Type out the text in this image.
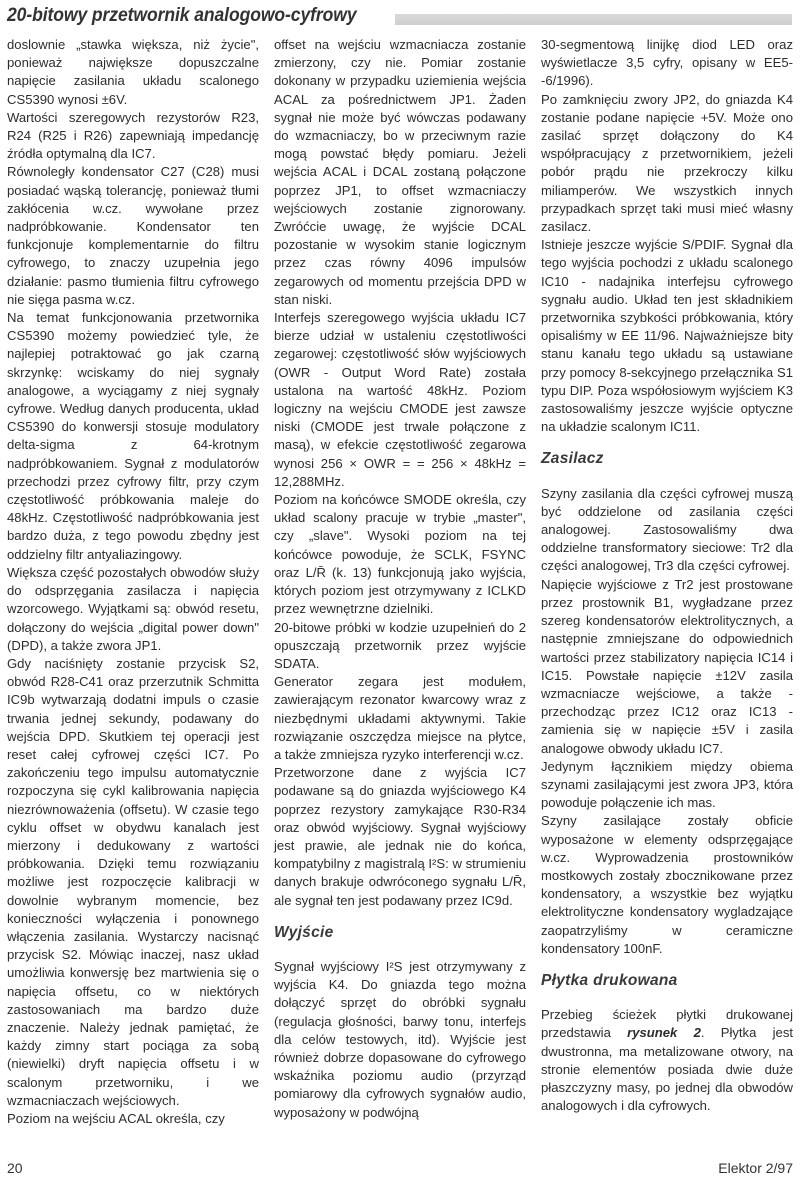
20-bitowy przetwornik analogowo-cyfrowy

doslownie „stawka większa, niż życie", ponieważ największe dopuszczalne napięcie zasilania układu scalonego CS5390 wynosi ±6V.

Wartości szeregowych rezystorów R23, R24 (R25 i R26) zapewniają impedancję źródła optymalną dla IC7.

Równoległy kondensator C27 (C28) musi posiadać wąską tolerancję, ponieważ tłumi zakłócenia w.cz. wywołane przez nadpróbkowanie. Kondensator ten funkcjonuje komplementarnie do filtru cyfrowego, to znaczy uzupełnia jego działanie: pasmo tłumienia filtru cyfrowego nie sięga pasma w.cz.

Na temat funkcjonowania przetwornika CS5390 możemy powiedzieć tyle, że najlepiej potraktować go jak czarną skrzynkę: wciskamy do niej sygnały analogowe, a wyciągamy z niej sygnały cyfrowe. Według danych producenta, układ CS5390 do konwersji stosuje modulatory delta-sigma z 64-krotnym nadpróbkowaniem. Sygnał z modulatorów przechodzi przez cyfrowy filtr, przy czym częstotliwość próbkowania maleje do 48kHz. Częstotliwość nadpróbkowania jest bardzo duża, z tego powodu zbędny jest oddzielny filtr antyaliazingowy.

Większa część pozostałych obwodów służy do odsprzęgania zasilacza i napięcia wzorcowego. Wyjątkami są: obwód resetu, dołączony do wejścia „digital power down" (DPD), a także zwora JP1.

Gdy naciśnięty zostanie przycisk S2, obwód R28-C41 oraz przerzutnik Schmitta IC9b wytwarzają dodatni impuls o czasie trwania jednej sekundy, podawany do wejścia DPD. Skutkiem tej operacji jest reset całej cyfrowej części IC7. Po zakończeniu tego impulsu automatycznie rozpoczyna się cykl kalibrowania napięcia niezrównoważenia (offsetu). W czasie tego cyklu offset w obydwu kanalach jest mierzony i dedukowany z wartości próbkowania. Dzięki temu rozwiązaniu możliwe jest rozpoczęcie kalibracji w dowolnie wybranym momencie, bez konieczności wyłączenia i ponownego włączenia zasilania. Wystarczy nacisnąć przycisk S2. Mówiąc inaczej, nasz układ umożliwia konwersję bez martwienia się o napięcia offsetu, co w niektórych zastosowaniach ma bardzo duże znaczenie. Należy jednak pamiętać, że każdy zimny start pociąga za sobą (niewielki) dryft napięcia offsetu i w scalonym przetworniku, i we wzmacniaczach wejściowych.

Poziom na wejściu ACAL określa, czy

offset na wejściu wzmacniacza zostanie zmierzony, czy nie. Pomiar zostanie dokonany w przypadku uziemienia wejścia ACAL za pośrednictwem JP1. Żaden sygnał nie może być wówczas podawany do wzmacniaczy, bo w przeciwnym razie mogą powstać błędy pomiaru. Jeżeli wejścia ACAL i DCAL zostaną połączone poprzez JP1, to offset wzmacniaczy wejściowych zostanie zignorowany. Zwróćcie uwagę, że wyjście DCAL pozostanie w wysokim stanie logicznym przez czas równy 4096 impulsów zegarowych od momentu przejścia DPD w stan niski.

Interfejs szeregowego wyjścia układu IC7 bierze udział w ustaleniu częstotliwości zegarowej: częstotliwość słów wyjściowych (OWR - Output Word Rate) została ustalona na wartość 48kHz. Poziom logiczny na wejściu CMODE jest zawsze niski (CMODE jest trwale połączone z masą), w efekcie częstotliwość zegarowa wynosi 256 × OWR = = 256 × 48kHz = 12,288MHz.

Poziom na końcówce SMODE określa, czy układ scalony pracuje w trybie „master", czy „slave". Wysoki poziom na tej końcówce powoduje, że SCLK, FSYNC oraz L/R̄ (k. 13) funkcjonują jako wyjścia, których poziom jest otrzymywany z ICLKD przez wewnętrzne dzielniki.

20-bitowe próbki w kodzie uzupełnień do 2 opuszczają przetwornik przez wyjście SDATA.

Generator zegara jest modułem, zawierającym rezonator kwarcowy wraz z niezbędnymi układami aktywnymi. Takie rozwiązanie oszczędza miejsce na płytce, a także zmniejsza ryzyko interferencji w.cz.

Przetworzone dane z wyjścia IC7 podawane są do gniazda wyjściowego K4 poprzez rezystory zamykające R30-R34 oraz obwód wyjściowy. Sygnał wyjściowy jest prawie, ale jednak nie do końca, kompatybilny z magistralą I²S: w strumieniu danych brakuje odwróconego sygnału L/R̄, ale sygnał ten jest podawany przez IC9d.

Wyjście

Sygnał wyjściowy I²S jest otrzymywany z wyjścia K4. Do gniazda tego można dołączyć sprzęt do obróbki sygnału (regulacja głośności, barwy tonu, interfejs dla celów testowych, itd). Wyjście jest również dobrze dopasowane do cyfrowego wskaźnika poziomu audio (przyrząd pomiarowy dla cyfrowych sygnałów audio, wyposażony w podwójną

30-segmentową linijkę diod LED oraz wyświetlacze 3,5 cyfry, opisany w EE5--6/1996).

Po zamknięciu zwory JP2, do gniazda K4 zostanie podane napięcie +5V. Może ono zasilać sprzęt dołączony do K4 współpracujący z przetwornikiem, jeżeli pobór prądu nie przekroczy kilku miliamperów. We wszystkich innych przypadkach sprzęt taki musi mieć własny zasilacz.

Istnieje jeszcze wyjście S/PDIF. Sygnał dla tego wyjścia pochodzi z układu scalonego IC10 - nadajnika interfejsu cyfrowego sygnału audio. Układ ten jest składnikiem przetwornika szybkości próbkowania, który opisaliśmy w EE 11/96. Najważniejsze bity stanu kanału tego układu są ustawiane przy pomocy 8-sekcyjnego przełącznika S1 typu DIP. Poza współosiowym wyjściem K3 zastosowaliśmy jeszcze wyjście optyczne na układzie scalonym IC11.

Zasilacz

Szyny zasilania dla części cyfrowej muszą być oddzielone od zasilania części analogowej. Zastosowaliśmy dwa oddzielne transformatory sieciowe: Tr2 dla części analogowej, Tr3 dla części cyfrowej.

Napięcie wyjściowe z Tr2 jest prostowane przez prostownik B1, wygładzane przez szereg kondensatorów elektrolitycznych, a następnie zmniejszane do odpowiednich wartości przez stabilizatory napięcia IC14 i IC15. Powstałe napięcie ±12V zasila wzmacniacze wejściowe, a także - przechodząc przez IC12 oraz IC13 - zamienia się w napięcie ±5V i zasila analogowe obwody układu IC7.

Jedynym łącznikiem między obiema szynami zasilającymi jest zwora JP3, która powoduje połączenie ich mas.

Szyny zasilające zostały obficie wyposażone w elementy odsprzęgające w.cz. Wyprowadzenia prostowników mostkowych zostały zbocznikowane przez kondensatory, a wszystkie bez wyjątku elektrolityczne kondensatory wygladzające zaopatrzyliśmy w ceramiczne kondensatory 100nF.

Płytka drukowana

Przebieg ścieżek płytki drukowanej przedstawia rysunek 2. Płytka jest dwustronna, ma metalizowane otwory, na stronie elementów posiada dwie duże płaszczyzny masy, po jednej dla obwodów analogowych i dla cyfrowych.

20	Elektor 2/97
